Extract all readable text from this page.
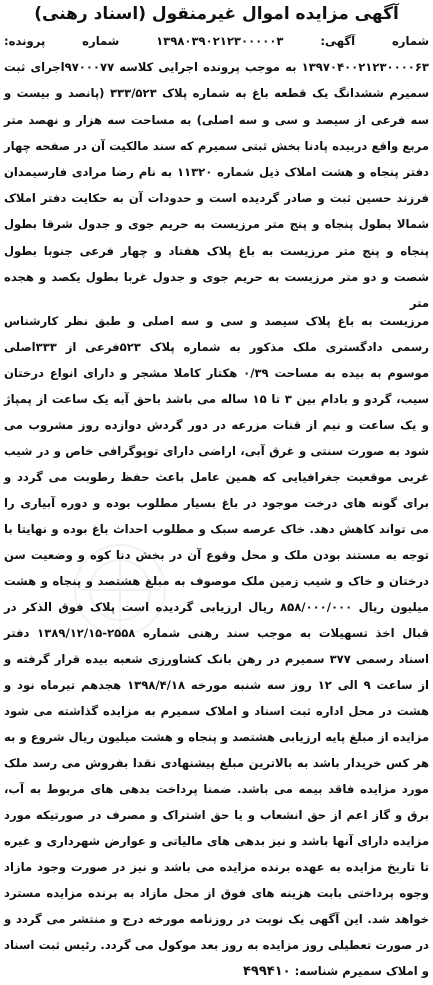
آگهی مزایده اموال غیرمنقول (اسناد رهنی)

شماره آگهی: ۱۳۹۸۰۳۹۰۲۱۲۳۰۰۰۰۰۳ شماره پرونده: ۱۳۹۷۰۴۰۰۲۱۲۳۰۰۰۰۶۳ به موجب پرونده اجرایی کلاسه ۹۷۰۰۰۷۷اجرای ثبت سمیرم ششدانگ یک قطعه باغ به شماره پلاک ۳۳۳/۵۲۳ (پانصد و بیست و سه فرعی از سیصد و سی و سه اصلی) به مساحت سه هزار و نهصد متر مربع واقع دربیده پادنا بخش ثبتی سمیرم که سند مالکیت آن در صفحه چهار دفتر پنجاه و هشت املاک ذیل شماره ۱۱۳۲۰ به نام رضا مرادی فارسیمدان فرزند حسین ثبت و صادر گردیده است و حدودات آن به حکایت دفتر املاک شمالا بطول پنجاه و پنج متر مرزیست به حریم جوی و جدول شرقا بطول پنجاه و پنج متر مرزیست به باغ پلاک هفتاد و چهار فرعی جنوبا بطول شصت و دو متر مرزیست به حریم جوی و جدول غربا بطول یکصد و هجده متر

مرزیست به باغ پلاک سیصد و سی و سه اصلی و طبق نظر کارشناس رسمی دادگستری ملک مذکور به شماره پلاک ۵۲۳فرعی از ۳۳۳اصلی موسوم به بیده به مساحت ۰/۳۹ هکتار کاملا مشجر و دارای انواع درختان سیب، گردو و بادام بین ۳ تا ۱۵ ساله می باشد باحق آبه یک ساعت از پمپاژ و یک ساعت و نیم از قنات مزرعه در دور گردش دوازده روز مشروب می شود به صورت سنتی و غرق آبی، اراضی دارای توپوگرافی خاص و در شیب غربی موقعیت جغرافیایی که همین عامل باعث حفظ رطوبت می گردد و برای گونه های درخت موجود در باغ بسیار مطلوب بوده و دوره آبیاری را می تواند کاهش دهد. خاک عرصه سبک و مطلوب احداث باغ بوده و نهایتا با توجه به مستند بودن ملک و محل وقوع آن در بخش دنا کوه و وضعیت سن درختان و خاک و شیب زمین ملک موصوف به مبلغ هشتصد و پنجاه و هشت میلیون ریال ۸۵۸/۰۰۰/۰۰۰ ریال ارزیابی گردیده است پلاک فوق الذکر در قبال اخذ تسهیلات به موجب سند رهنی شماره ۲۵۵۸-۱۳۸۹/۱۲/۱۵ دفتر اسناد رسمی ۳۷۷ سمیرم در رهن بانک کشاورزی شعبه بیده قرار گرفته و از ساعت ۹ الی ۱۲ روز سه شنبه مورخه ۱۳۹۸/۴/۱۸ هجدهم تیرماه نود و هشت در محل اداره ثبت اسناد و املاک سمیرم به مزایده گذاشته می شود مزایده از مبلغ پایه ارزیابی هشتصد و پنجاه و هشت میلیون ریال شروع و به هر کس خریدار باشد به بالاترین مبلغ پیشنهادی نقدا بفروش می رسد ملک مورد مزایده فاقد بیمه می باشد. ضمنا پرداخت بدهی های مربوط به آب، برق و گاز اعم از حق انشعاب و یا حق اشتراک و مصرف در صورتیکه مورد مزایده دارای آنها باشد و نیز بدهی های مالیاتی و عوارض شهرداری و غیره تا تاریخ مزایده به عهده برنده مزایده می باشد و نیز در صورت وجود مازاد وجوه پرداختی بابت هزینه های فوق از محل مازاد به برنده مزایده مسترد خواهد شد. این آگهی یک نوبت در روزنامه مورخه درج و منتشر می گردد و در صورت تعطیلی روز مزایده به روز بعد موکول می گردد. رئیس ثبت اسناد و املاک سمیرم شناسه: ۴۹۹۴۱۰
